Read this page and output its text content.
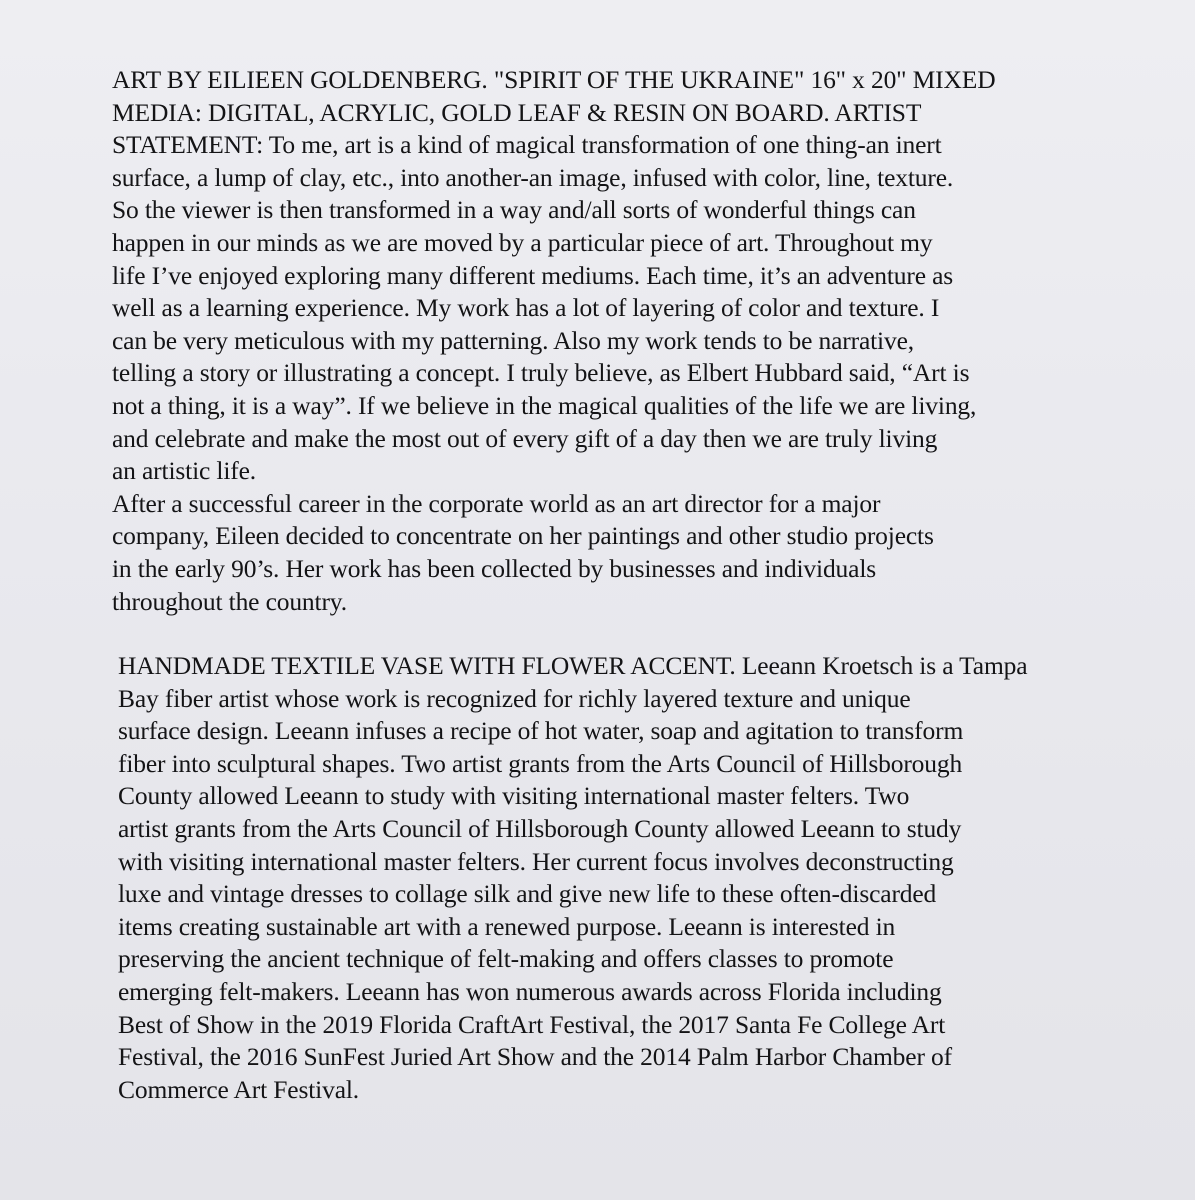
ART BY EILIEEN GOLDENBERG. "SPIRIT OF THE UKRAINE" 16" x 20" MIXED
MEDIA: DIGITAL, ACRYLIC, GOLD LEAF & RESIN ON BOARD. ARTIST
STATEMENT: To me, art is a kind of magical transformation of one thing-an inert
surface, a lump of clay, etc., into another-an image, infused with color, line, texture.
So the viewer is then transformed in a way and/all sorts of wonderful things can
happen in our minds as we are moved by a particular piece of art. Throughout my
life I’ve enjoyed exploring many different mediums. Each time, it’s an adventure as
well as a learning experience. My work has a lot of layering of color and texture. I
can be very meticulous with my patterning. Also my work tends to be narrative,
telling a story or illustrating a concept. I truly believe, as Elbert Hubbard said, “Art is
not a thing, it is a way”. If we believe in the magical qualities of the life we are living,
and celebrate and make the most out of every gift of a day then we are truly living
an artistic life.
After a successful career in the corporate world as an art director for a major
company, Eileen decided to concentrate on her paintings and other studio projects
in the early 90’s. Her work has been collected by businesses and individuals
throughout the country.
HANDMADE TEXTILE VASE WITH FLOWER ACCENT. Leeann Kroetsch is a Tampa
Bay fiber artist whose work is recognized for richly layered texture and unique
surface design. Leeann infuses a recipe of hot water, soap and agitation to transform
fiber into sculptural shapes. Two artist grants from the Arts Council of Hillsborough
County allowed Leeann to study with visiting international master felters. Two
artist grants from the Arts Council of Hillsborough County allowed Leeann to study
with visiting international master felters. Her current focus involves deconstructing
luxe and vintage dresses to collage silk and give new life to these often-discarded
items creating sustainable art with a renewed purpose. Leeann is interested in
preserving the ancient technique of felt-making and offers classes to promote
emerging felt-makers. Leeann has won numerous awards across Florida including
Best of Show in the 2019 Florida CraftArt Festival, the 2017 Santa Fe College Art
Festival, the 2016 SunFest Juried Art Show and the 2014 Palm Harbor Chamber of
Commerce Art Festival.
